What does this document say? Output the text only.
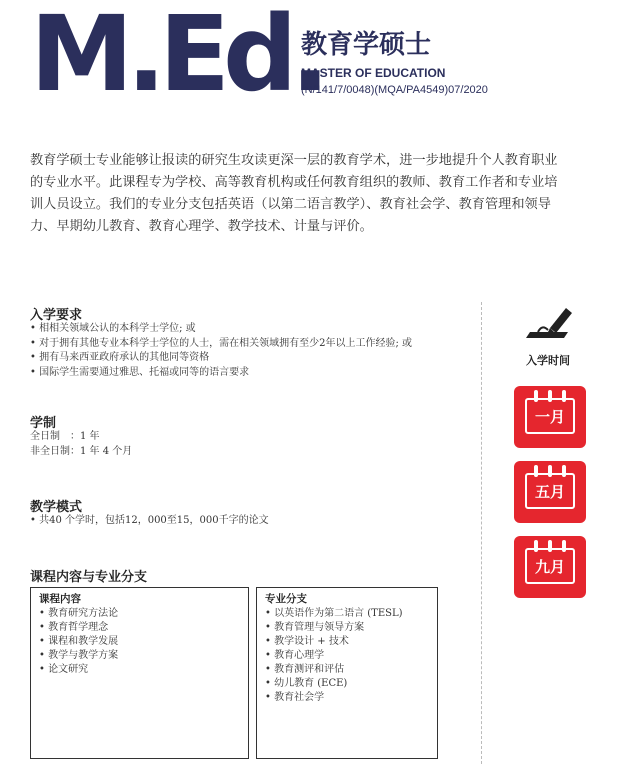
M.Ed.
教育学硕士
MASTER OF EDUCATION
(N/141/7/0048)(MQA/PA4549)07/2020
教育学硕士专业能够让报读的研究生攻读更深一层的教育学术，进一步地提升个人教育职业
的专业水平。此课程专为学校、高等教育机构或任何教育组织的教师、教育工作者和专业培
训人员设立。我们的专业分支包括英语（以第二语言教学）、教育社会学、教育管理和领导
力、早期幼儿教育、教育心理学、教学技术、计量与评价。
入学要求
• 相相关领域公认的本科学士学位; 或
• 对于拥有其他专业本科学士学位的人士，需在相关领域拥有至少2年以上工作经验; 或
• 拥有马来西亚政府承认的其他同等资格
• 国际学生需要通过雅思、托福或同等的语言要求
学制
全日制　：1 年
非全日制：1 年 4 个月
教学模式
• 共40 个学时，包括12，000至15，000千字的论文
课程内容与专业分支
课程内容
• 教育研究方法论
• 教育哲学理念
• 课程和教学发展
• 教学与教学方案
• 论文研究
专业分支
• 以英语作为第二语言 (TESL)
• 教育管理与领导方案
• 教学设计 + 技术
• 教育心理学
• 教育测评和评估
• 幼儿教育 (ECE)
• 教育社会学
入学时间
一月
五月
九月
